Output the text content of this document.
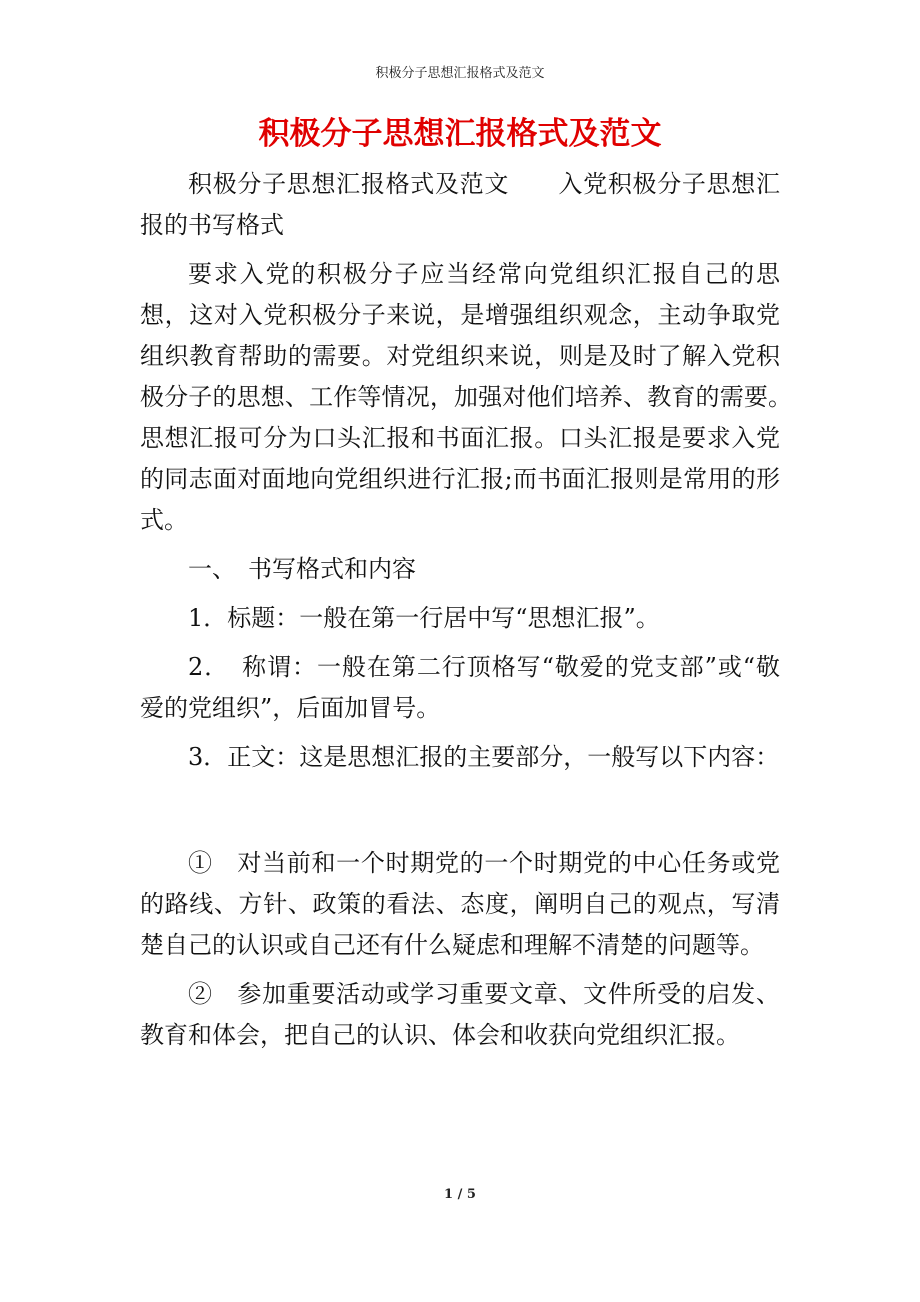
积极分子思想汇报格式及范文
积极分子思想汇报格式及范文

积极分子思想汇报格式及范文　　入党积极分子思想汇报的书写格式

要求入党的积极分子应当经常向党组织汇报自己的思想，这对入党积极分子来说，是增强组织观念，主动争取党组织教育帮助的需要。对党组织来说，则是及时了解入党积极分子的思想、工作等情况，加强对他们培养、教育的需要。　思想汇报可分为口头汇报和书面汇报。口头汇报是要求入党的同志面对面地向党组织进行汇报;而书面汇报则是常用的形式。

一、　书写格式和内容

1．标题：一般在第一行居中写“思想汇报”。

2．　称谓：一般在第二行顶格写“敬爱的党支部”或“敬爱的党组织”，后面加冒号。

3．正文：这是思想汇报的主要部分，一般写以下内容：

①　对当前和一个时期党的一个时期党的中心任务或党的路线、方针、政策的看法、态度，阐明自己的观点，写清楚自己的认识或自己还有什么疑虑和理解不清楚的问题等。

②　参加重要活动或学习重要文章、文件所受的启发、教育和体会，把自己的认识、体会和收获向党组织汇报。

1 / 5
